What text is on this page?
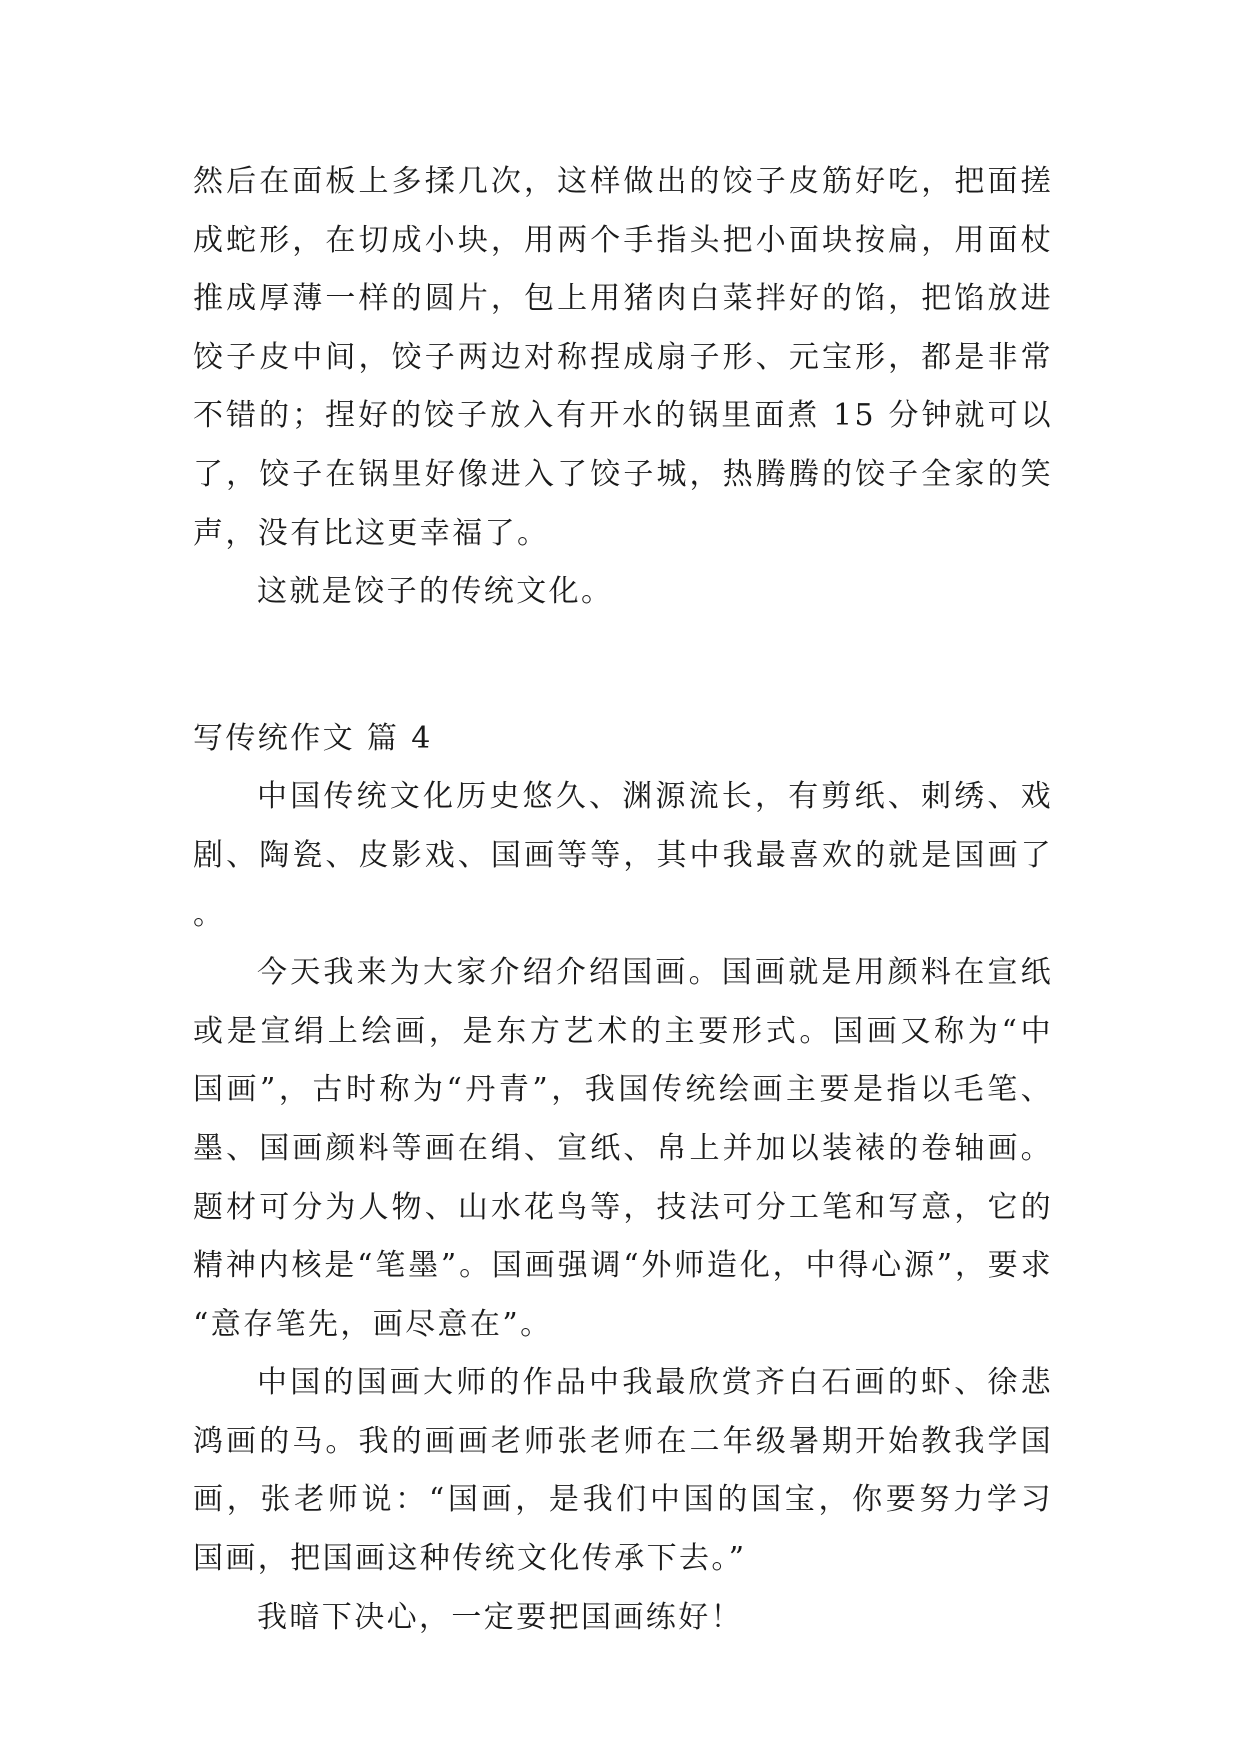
然后在面板上多揉几次，这样做出的饺子皮筋好吃，把面搓成蛇形，在切成小块，用两个手指头把小面块按扁，用面杖推成厚薄一样的圆片，包上用猪肉白菜拌好的馅，把馅放进饺子皮中间，饺子两边对称捏成扇子形、元宝形，都是非常不错的；捏好的饺子放入有开水的锅里面煮 15 分钟就可以了，饺子在锅里好像进入了饺子城，热腾腾的饺子全家的笑声，没有比这更幸福了。

这就是饺子的传统文化。

写传统作文 篇 4

中国传统文化历史悠久、渊源流长，有剪纸、刺绣、戏剧、陶瓷、皮影戏、国画等等，其中我最喜欢的就是国画了。

今天我来为大家介绍介绍国画。国画就是用颜料在宣纸或是宣绢上绘画，是东方艺术的主要形式。国画又称为“中国画”，古时称为“丹青”，我国传统绘画主要是指以毛笔、墨、国画颜料等画在绢、宣纸、帛上并加以装裱的卷轴画。题材可分为人物、山水花鸟等，技法可分工笔和写意，它的精神内核是“笔墨”。国画强调“外师造化，中得心源”，要求“意存笔先，画尽意在”。

中国的国画大师的作品中我最欣赏齐白石画的虾、徐悲鸿画的马。我的画画老师张老师在二年级暑期开始教我学国画，张老师说：“国画，是我们中国的国宝，你要努力学习国画，把国画这种传统文化传承下去。”

我暗下决心，一定要把国画练好！
